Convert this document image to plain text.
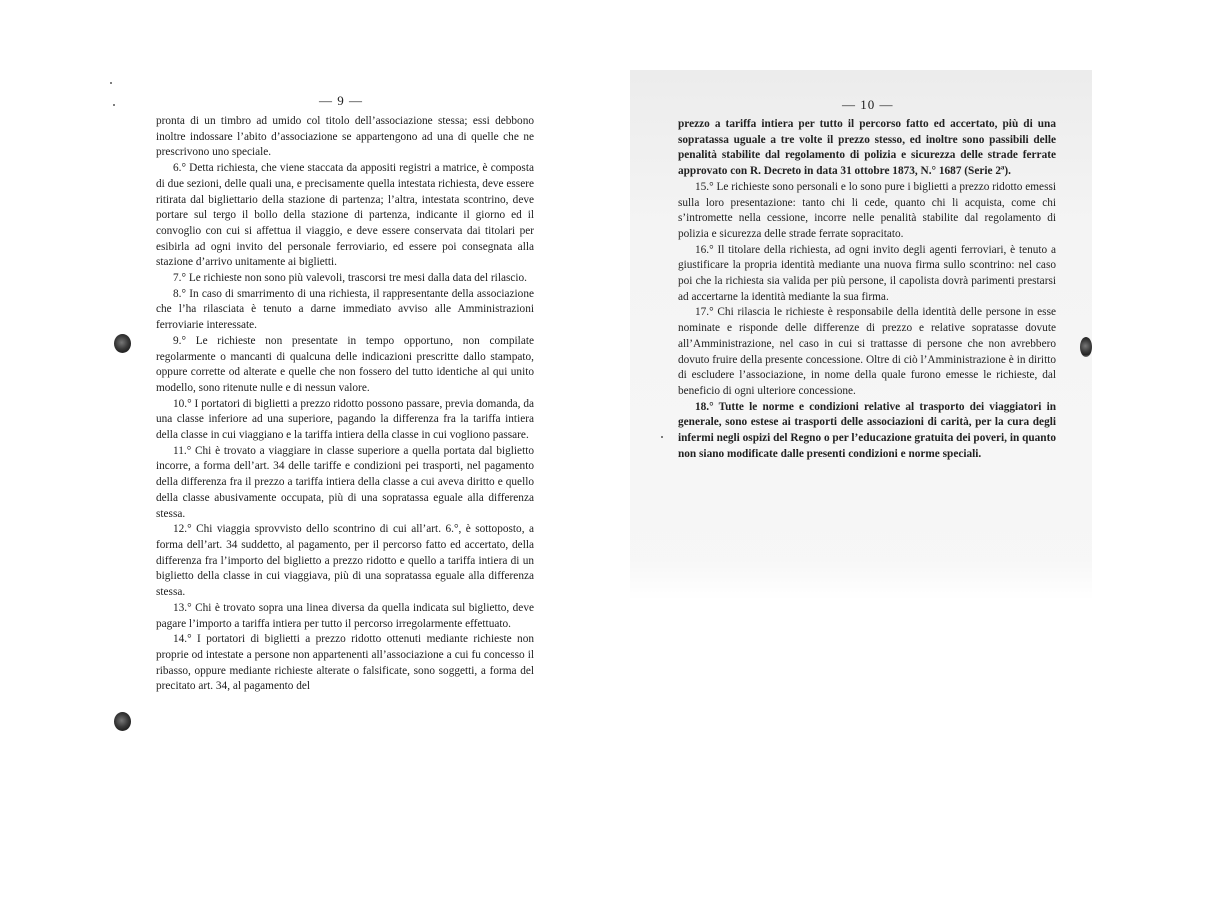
— 9 —

pronta di un timbro ad umido col titolo dell’associazione stessa; essi debbono inoltre indossare l’abito d’associazione se appartengono ad una di quelle che ne prescrivono uno speciale.

6.° Detta richiesta, che viene staccata da appositi registri a matrice, è composta di due sezioni, delle quali una, e precisamente quella intestata richiesta, deve essere ritirata dal bigliettario della stazione di partenza; l’altra, intestata scontrino, deve portare sul tergo il bollo della stazione di partenza, indicante il giorno ed il convoglio con cui si affettua il viaggio, e deve essere conservata dai titolari per esibirla ad ogni invito del personale ferroviario, ed essere poi consegnata alla stazione d’arrivo unitamente ai biglietti.

7.° Le richieste non sono più valevoli, trascorsi tre mesi dalla data del rilascio.

8.° In caso di smarrimento di una richiesta, il rappresentante della associazione che l’ha rilasciata è tenuto a darne immediato avviso alle Amministrazioni ferroviarie interessate.

9.° Le richieste non presentate in tempo opportuno, non compilate regolarmente o mancanti di qualcuna delle indicazioni prescritte dallo stampato, oppure corrette od alterate e quelle che non fossero del tutto identiche al qui unito modello, sono ritenute nulle e di nessun valore.

10.° I portatori di biglietti a prezzo ridotto possono passare, previa domanda, da una classe inferiore ad una superiore, pagando la differenza fra la tariffa intiera della classe in cui viaggiano e la tariffa intiera della classe in cui vogliono passare.

11.° Chi è trovato a viaggiare in classe superiore a quella portata dal biglietto incorre, a forma dell’art. 34 delle tariffe e condizioni pei trasporti, nel pagamento della differenza fra il prezzo a tariffa intiera della classe a cui aveva diritto e quello della classe abusivamente occupata, più di una sopratassa eguale alla differenza stessa.

12.° Chi viaggia sprovvisto dello scontrino di cui all’art. 6.°, è sottoposto, a forma dell’art. 34 suddetto, al pagamento, per il percorso fatto ed accertato, della differenza fra l’importo del biglietto a prezzo ridotto e quello a tariffa intiera di un biglietto della classe in cui viaggiava, più di una sopratassa eguale alla differenza stessa.

13.° Chi è trovato sopra una linea diversa da quella indicata sul biglietto, deve pagare l’importo a tariffa intiera per tutto il percorso irregolarmente effettuato.

14.° I portatori di biglietti a prezzo ridotto ottenuti mediante richieste non proprie od intestate a persone non appartenenti all’associazione a cui fu concesso il ribasso, oppure mediante richieste alterate o falsificate, sono soggetti, a forma del precitato art. 34, al pagamento del

— 10 —

prezzo a tariffa intiera per tutto il percorso fatto ed accertato, più di una sopratassa uguale a tre volte il prezzo stesso, ed inoltre sono passibili delle penalità stabilite dal regolamento di polizia e sicurezza delle strade ferrate approvato con R. Decreto in data 31 ottobre 1873, N.° 1687 (Serie 2ª).

15.° Le richieste sono personali e lo sono pure i biglietti a prezzo ridotto emessi sulla loro presentazione: tanto chi li cede, quanto chi li acquista, come chi s’intromette nella cessione, incorre nelle penalità stabilite dal regolamento di polizia e sicurezza delle strade ferrate sopracitato.

16.° Il titolare della richiesta, ad ogni invito degli agenti ferroviari, è tenuto a giustificare la propria identità mediante una nuova firma sullo scontrino: nel caso poi che la richiesta sia valida per più persone, il capolista dovrà parimenti prestarsi ad accertarne la identità mediante la sua firma.

17.° Chi rilascia le richieste è responsabile della identità delle persone in esse nominate e risponde delle differenze di prezzo e relative sopratasse dovute all’Amministrazione, nel caso in cui si trattasse di persone che non avrebbero dovuto fruire della presente concessione. Oltre di ciò l’Amministrazione è in diritto di escludere l’associazione, in nome della quale furono emesse le richieste, dal beneficio di ogni ulteriore concessione.

18.° Tutte le norme e condizioni relative al trasporto dei viaggiatori in generale, sono estese ai trasporti delle associazioni di carità, per la cura degli infermi negli ospizi del Regno o per l’educazione gratuita dei poveri, in quanto non siano modificate dalle presenti condizioni e norme speciali.
